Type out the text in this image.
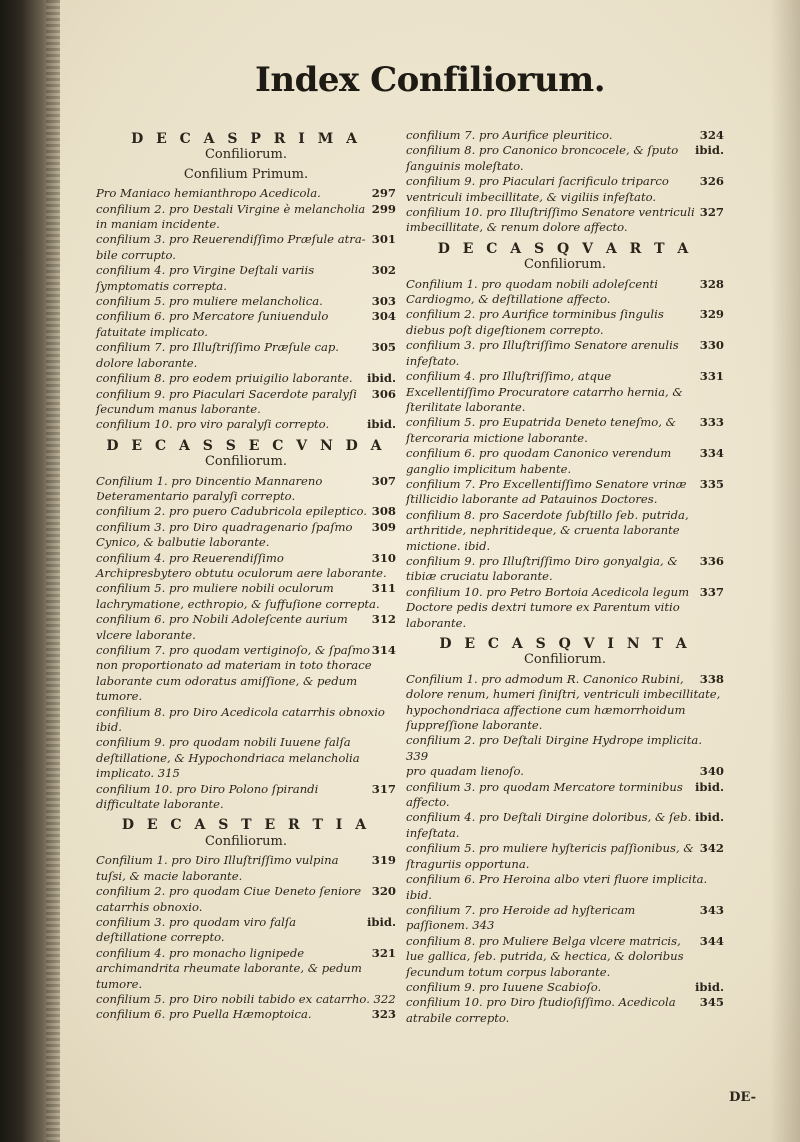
Index Confiliorum.
D E C A S P R I M A
Confiliorum.
Confilium Primum.
297
Pro Maniaco hemianthropo Acedicola.
299
confilium 2. pro Ʋestali Virgine è melancholia in maniam incidente.
301
confilium 3. pro Reuerendiſſimo Præſule atra-bile corrupto.
302
confilium 4. pro Virgine Ʋeſtali variis ſymptomatis correpta.
303
confilium 5. pro muliere melancholica.
304
confilium 6. pro Mercatore ſuniuendulo fatuitate implicato.
305
confilium 7. pro Illuſtriſſimo Præſule cap. dolore laborante.
ibid.
confilium 8. pro eodem priuigilio laborante.
306
confilium 9. pro Piaculari Sacerdote paralyſi ſecundum manus laborante.
ibid.
confilium 10. pro viro paralyſi correpto.
D E C A S S E C V N D A
Confiliorum.
307
Confilium 1. pro Ʋincentio Mannareno Ʋeteramentario paralyſi correpto.
308
confilium 2. pro puero Cadubricola epileptico.
309
confilium 3. pro Ʋiro quadragenario ſpaſmo Cynico, & balbutie laborante.
310
confilium 4. pro Reuerendiſſimo Archipresbytero obtutu oculorum aere laborante.
311
confilium 5. pro muliere nobili oculorum lachrymatione, ecthropio, & ſuffuſione correpta.
312
confilium 6. pro Nobili Adoleſcente aurium vlcere laborante.
314
confilium 7. pro quodam vertiginoſo, & ſpaſmo non proportionato ad materiam in toto thorace laborante cum odoratus amiſſione, & pedum tumore.
confilium 8. pro Ʋiro Acedicola catarrhis obnoxio ibid.
confilium 9. pro quodam nobili Iuuene falſa deſtillatione, & Hypochondriaca melancholia implicato. 315
317
confilium 10. pro Ʋiro Polono ſpirandi difficultate laborante.
D E C A S T E R T I A
Confiliorum.
319
Confilium 1. pro Ʋiro Illuſtriſſimo vulpina tuſsi, & macie laborante.
320
confilium 2. pro quodam Ciue Ʋeneto ſeniore catarrhis obnoxio.
ibid.
confilium 3. pro quodam viro falſa deſtillatione correpto.
321
confilium 4. pro monacho lignipede archimandrita rheumate laborante, & pedum tumore.
confilium 5. pro Ʋiro nobili tabido ex catarrho. 322
323
confilium 6. pro Puella Hæmoptoica.
324
confilium 7. pro Aurifice pleuritico.
ibid.
confilium 8. pro Canonico broncocele, & ſputo ſanguinis moleſtato.
326
confilium 9. pro Piaculari ſacrificulo triparco ventriculi imbecillitate, & vigiliis infeſtato.
327
confilium 10. pro Illuſtriſſimo Senatore ventriculi imbecillitate, & renum dolore affecto.
D E C A S Q V A R T A
Confiliorum.
328
Confilium 1. pro quodam nobili adoleſcenti Cardiogmo, & deſtillatione affecto.
329
confilium 2. pro Aurifice torminibus ſingulis diebus poſt digeſtionem correpto.
330
confilium 3. pro Illuſtriſſimo Senatore arenulis infeſtato.
331
confilium 4. pro Illuſtriſſimo, atque Excellentiſſimo Procuratore catarrho hernia, & ſterilitate laborante.
333
confilium 5. pro Eupatrida Ʋeneto teneſmo, & ſtercoraria mictione laborante.
334
confilium 6. pro quodam Canonico verendum ganglio implicitum habente.
335
confilium 7. Pro Excellentiſſimo Senatore vrinæ ſtillicidio laborante ad Patauinos Doctores.
confilium 8. pro Sacerdote ſubſtillo ſeb. putrida, arthritide, nephritideque, & cruenta laborante mictione. ibid.
336
confilium 9. pro Illuſtriſſimo Ʋiro gonyalgia, & tibiæ cruciatu laborante.
337
confilium 10. pro Petro Bortoia Acedicola legum Doctore pedis dextri tumore ex Parentum vitio laborante.
D E C A S Q V I N T A
Confiliorum.
338
Confilium 1. pro admodum R. Canonico Rubini, dolore renum, humeri ſiniſtri, ventriculi imbecillitate, hypochondriaca affectione cum hæmorrhoidum ſuppreſſione laborante.
confilium 2. pro Ʋeſtali Ʋirgine Hydrope implicita. 339
340
pro quadam lienoſo.
ibid.
confilium 3. pro quodam Mercatore torminibus affecto.
ibid.
confilium 4. pro Ʋeſtali Ʋirgine doloribus, & ſeb. infeſtata.
342
confilium 5. pro muliere hyſtericis paſſionibus, & ſtraguriis opportuna.
confilium 6. Pro Heroina albo vteri fluore implicita. ibid.
343
confilium 7. pro Heroide ad hyſtericam paſſionem. 343
344
confilium 8. pro Muliere Belga vlcere matricis, lue gallica, ſeb. putrida, & hectica, & doloribus ſecundum totum corpus laborante.
ibid.
confilium 9. pro Iuuene Scabioſo.
345
confilium 10. pro Ʋiro ſtudioſiſſimo. Acedicola atrabile correpto.
DE-
